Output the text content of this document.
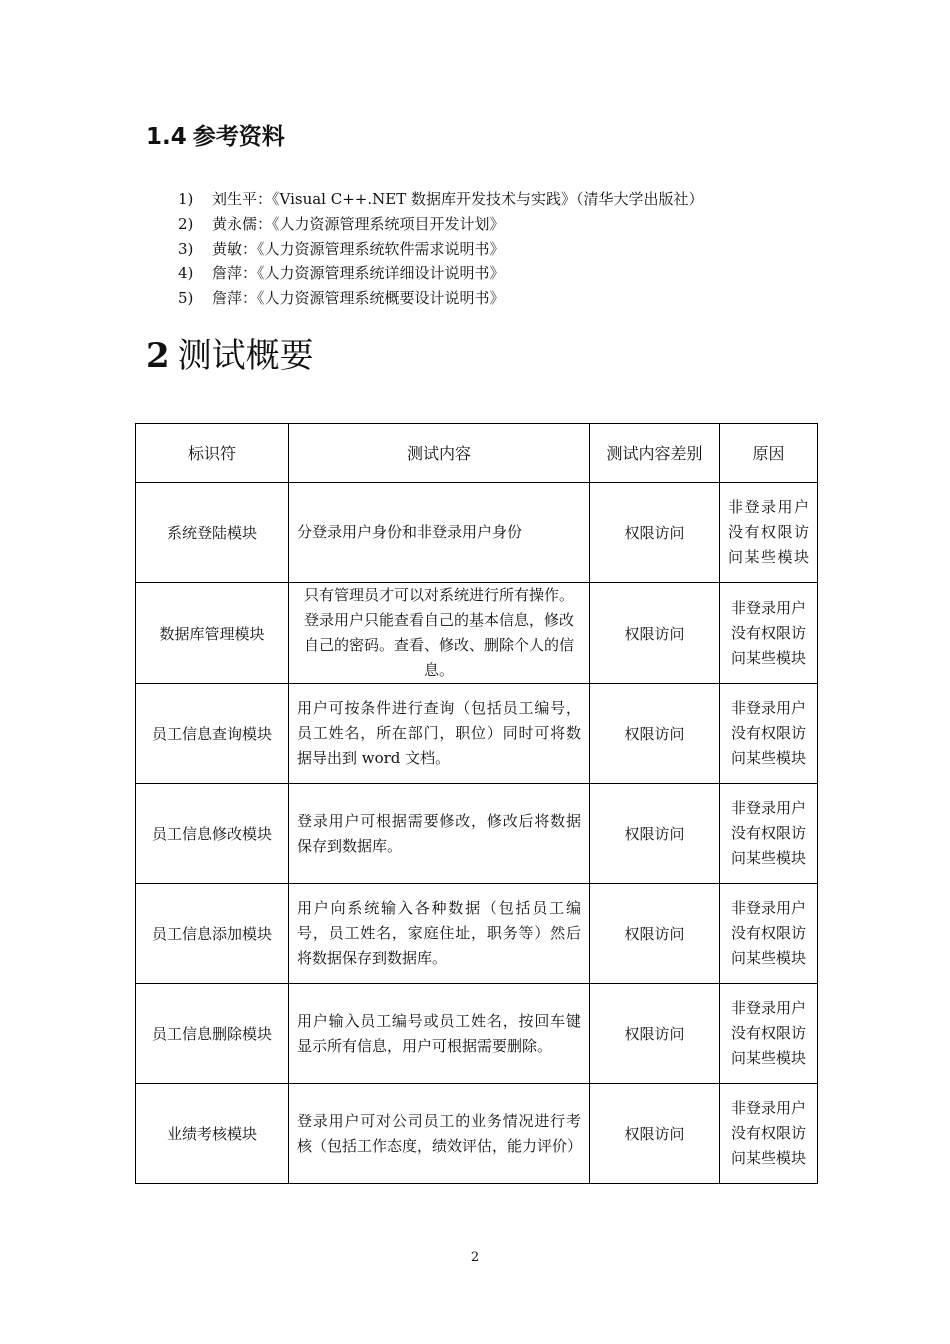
1.4 参考资料
1) 刘生平：《Visual C++.NET 数据库开发技术与实践》（清华大学出版社）
2) 黄永儒：《人力资源管理系统项目开发计划》
3) 黄敏：《人力资源管理系统软件需求说明书》
4) 詹萍：《人力资源管理系统详细设计说明书》
5) 詹萍：《人力资源管理系统概要设计说明书》
2 测试概要
标识符	测试内容	测试内容差别	原因
系统登陆模块	分登录用户身份和非登录用户身份	权限访问	非登录用户没有权限访问某些模块
数据库管理模块	只有管理员才可以对系统进行所有操作。登录用户只能查看自己的基本信息，修改自己的密码。查看、修改、删除个人的信息。	权限访问	非登录用户没有权限访问某些模块
员工信息查询模块	用户可按条件进行查询（包括员工编号，员工姓名，所在部门，职位）同时可将数据导出到 word 文档。	权限访问	非登录用户没有权限访问某些模块
员工信息修改模块	登录用户可根据需要修改，修改后将数据保存到数据库。	权限访问	非登录用户没有权限访问某些模块
员工信息添加模块	用户向系统输入各种数据（包括员工编号，员工姓名，家庭住址，职务等）然后将数据保存到数据库。	权限访问	非登录用户没有权限访问某些模块
员工信息删除模块	用户输入员工编号或员工姓名，按回车键显示所有信息，用户可根据需要删除。	权限访问	非登录用户没有权限访问某些模块
业绩考核模块	登录用户可对公司员工的业务情况进行考核（包括工作态度，绩效评估，能力评价）	权限访问	非登录用户没有权限访问某些模块
2
